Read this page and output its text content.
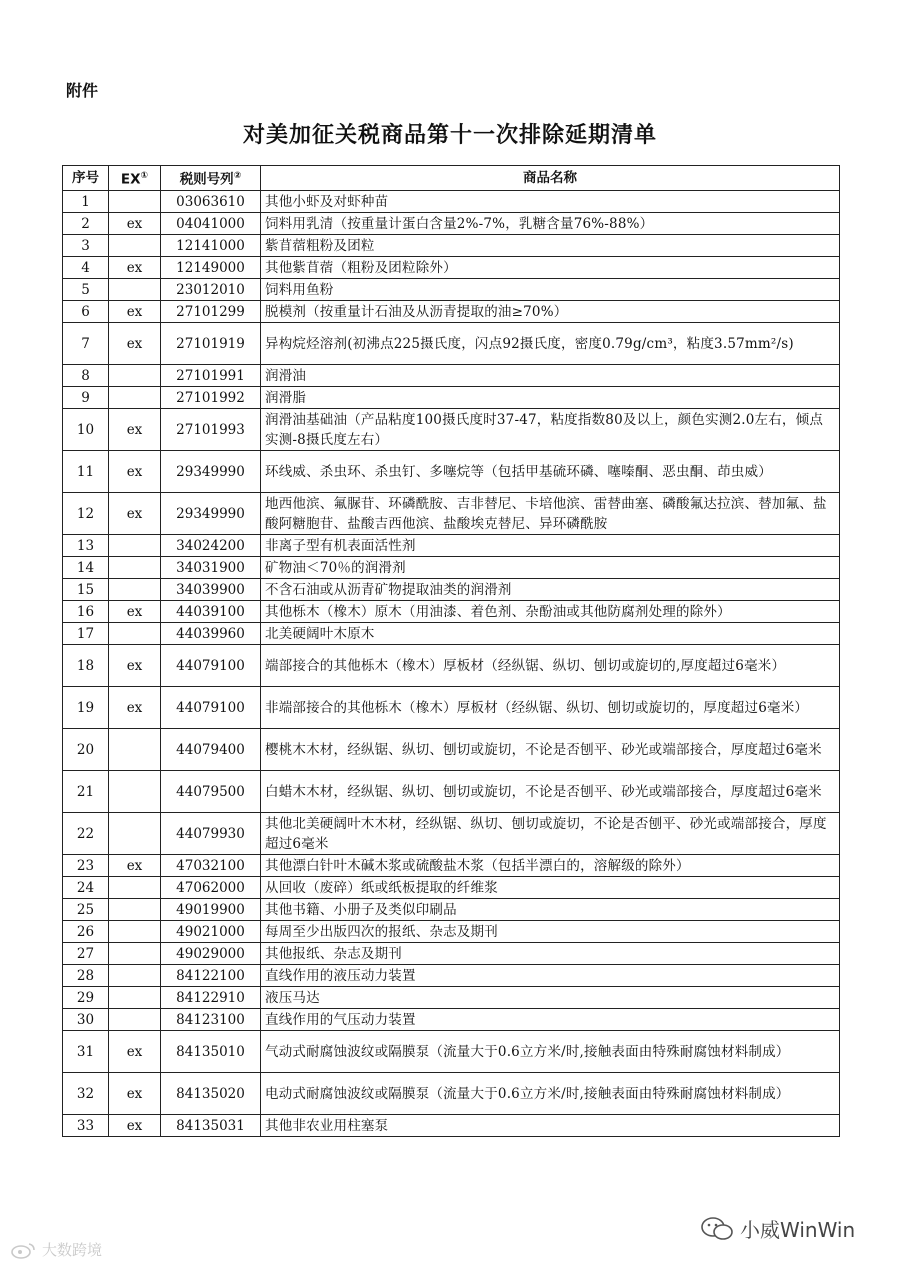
附件
对美加征关税商品第十一次排除延期清单
序号	EX①	税则号列②	商品名称
1		03063610	其他小虾及对虾种苗
2	ex	04041000	饲料用乳清（按重量计蛋白含量2%-7%，乳糖含量76%-88%）
3		12141000	紫苜蓿粗粉及团粒
4	ex	12149000	其他紫苜蓿（粗粉及团粒除外）
5		23012010	饲料用鱼粉
6	ex	27101299	脱模剂（按重量计石油及从沥青提取的油≥70%）
7	ex	27101919	异构烷烃溶剂(初沸点225摄氏度，闪点92摄氏度，密度0.79g/cm³，粘度3.57mm²/s)
8		27101991	润滑油
9		27101992	润滑脂
10	ex	27101993	润滑油基础油（产品粘度100摄氏度时37-47，粘度指数80及以上，颜色实测2.0左右，倾点实测-8摄氏度左右）
11	ex	29349990	环线威、杀虫环、杀虫钉、多噻烷等（包括甲基硫环磷、噻嗪酮、恶虫酮、茚虫威）
12	ex	29349990	地西他滨、氟脲苷、环磷酰胺、吉非替尼、卡培他滨、雷替曲塞、磷酸氟达拉滨、替加氟、盐酸阿糖胞苷、盐酸吉西他滨、盐酸埃克替尼、异环磷酰胺
13		34024200	非离子型有机表面活性剂
14		34031900	矿物油＜70％的润滑剂
15		34039900	不含石油或从沥青矿物提取油类的润滑剂
16	ex	44039100	其他栎木（橡木）原木（用油漆、着色剂、杂酚油或其他防腐剂处理的除外）
17		44039960	北美硬阔叶木原木
18	ex	44079100	端部接合的其他栎木（橡木）厚板材（经纵锯、纵切、刨切或旋切的,厚度超过6毫米）
19	ex	44079100	非端部接合的其他栎木（橡木）厚板材（经纵锯、纵切、刨切或旋切的，厚度超过6毫米）
20		44079400	樱桃木木材，经纵锯、纵切、刨切或旋切，不论是否刨平、砂光或端部接合，厚度超过6毫米
21		44079500	白蜡木木材，经纵锯、纵切、刨切或旋切，不论是否刨平、砂光或端部接合，厚度超过6毫米
22		44079930	其他北美硬阔叶木木材，经纵锯、纵切、刨切或旋切，不论是否刨平、砂光或端部接合，厚度超过6毫米
23	ex	47032100	其他漂白针叶木碱木浆或硫酸盐木浆（包括半漂白的，溶解级的除外）
24		47062000	从回收（废碎）纸或纸板提取的纤维浆
25		49019900	其他书籍、小册子及类似印刷品
26		49021000	每周至少出版四次的报纸、杂志及期刊
27		49029000	其他报纸、杂志及期刊
28		84122100	直线作用的液压动力装置
29		84122910	液压马达
30		84123100	直线作用的气压动力装置
31	ex	84135010	气动式耐腐蚀波纹或隔膜泵（流量大于0.6立方米/时,接触表面由特殊耐腐蚀材料制成）
32	ex	84135020	电动式耐腐蚀波纹或隔膜泵（流量大于0.6立方米/时,接触表面由特殊耐腐蚀材料制成）
33	ex	84135031	其他非农业用柱塞泵
大数跨境
小威WinWin
